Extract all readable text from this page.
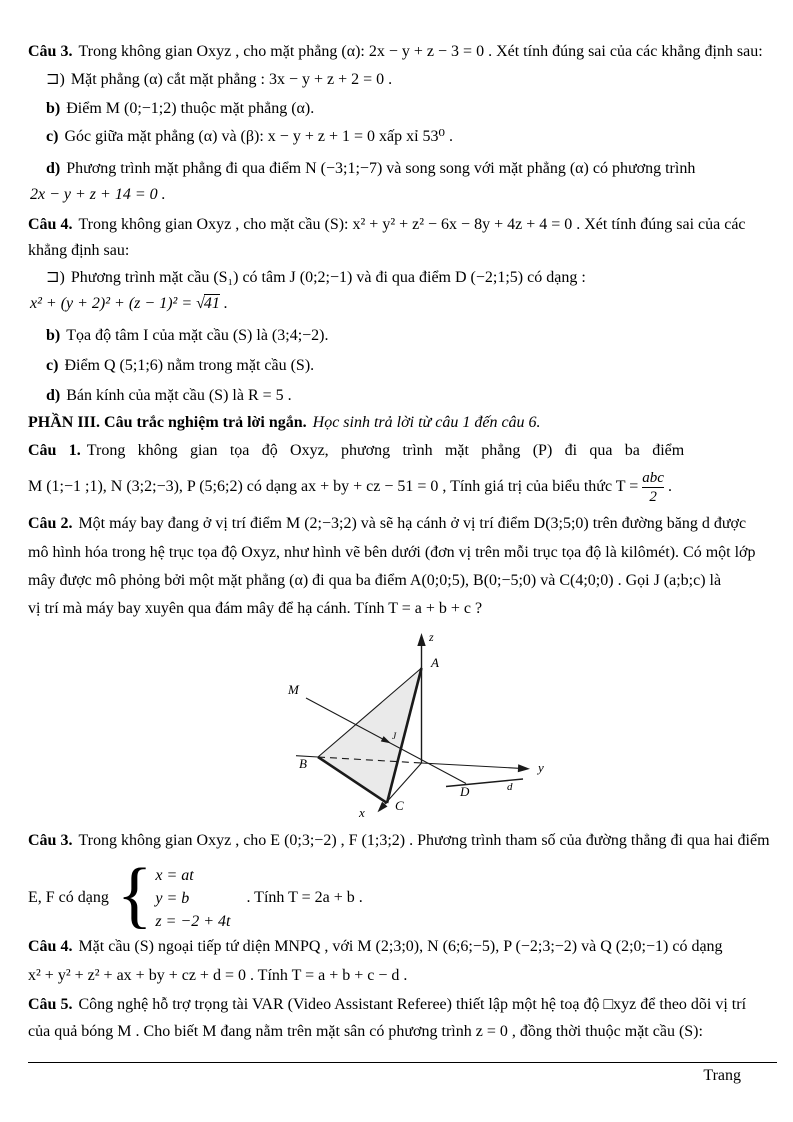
Câu 3. Trong không gian Oxyz , cho mặt phẳng (α): 2x − y + z − 3 = 0 . Xét tính đúng sai của các khẳng định sau:
⊐) Mặt phẳng (α) cắt mặt phẳng : 3x − y + z + 2 = 0 .
b) Điểm M (0;−1;2) thuộc mặt phẳng (α).
c) Góc giữa mặt phẳng (α) và (β): x − y + z + 1 = 0 xấp xỉ 53⁰ .
d) Phương trình mặt phẳng đi qua điểm N (−3;1;−7) và song song với mặt phẳng (α) có phương trình
2x − y + z + 14 = 0 .
Câu 4. Trong không gian Oxyz , cho mặt cầu (S): x² + y² + z² − 6x − 8y + 4z + 4 = 0 . Xét tính đúng sai của các
khẳng định sau:
⊐) Phương trình mặt cầu (S₁) có tâm J (0;2;−1) và đi qua điểm D (−2;1;5) có dạng :
x² + (y + 2)² + (z − 1)² = √41 .
b) Tọa độ tâm I của mặt cầu (S) là (3;4;−2).
c) Điểm Q (5;1;6) nằm trong mặt cầu (S).
d) Bán kính của mặt cầu (S) là R = 5 .
PHẦN III. Câu trắc nghiệm trả lời ngắn. Học sinh trả lời từ câu 1 đến câu 6.
Câu 1. Trong không gian tọa độ Oxyz, phương trình mặt phẳng (P) đi qua ba điểm
M (1;−1 ;1), N (3;2;−3), P (5;6;2) có dạng ax + by + cz − 51 = 0 , Tính giá trị của biểu thức $T = \frac{\text{abc}}{2}$ .
Câu 2. Một máy bay đang ở vị trí điểm M (2;−3;2) và sẽ hạ cánh ở vị trí điểm D(3;5;0) trên đường băng d được
mô hình hóa trong hệ trục tọa độ Oxyz, như hình vẽ bên dưới (đơn vị trên mỗi trục tọa độ là kilômét). Có một lớp
mây được mô phỏng bởi một mặt phẳng (α) đi qua ba điểm A(0;0;5), B(0;−5;0) và C(4;0;0) . Gọi J (a;b;c) là
vị trí mà máy bay xuyên qua đám mây để hạ cánh. Tính T = a + b + c ?
z
y
x
A
B
C
D
M
J
d
Câu 3. Trong không gian Oxyz , cho E (0;3;−2) , F (1;3;2) . Phương trình tham số của đường thẳng đi qua hai điểm
E, F có dạng { x = at
y = b
z = −2 + 4t
. Tính T = 2a + b .
Câu 4. Mặt cầu (S) ngoại tiếp tứ diện MNPQ , với M (2;3;0), N (6;6;−5), P (−2;3;−2) và Q (2;0;−1) có dạng
x² + y² + z² + ax + by + cz + d = 0 . Tính T = a + b + c − d .
Câu 5. Công nghệ hỗ trợ trọng tài VAR (Video Assistant Referee) thiết lập một hệ toạ độ □xyz để theo dõi vị trí
của quả bóng M . Cho biết M đang nằm trên mặt sân có phương trình z = 0 , đồng thời thuộc mặt cầu (S):
Trang
